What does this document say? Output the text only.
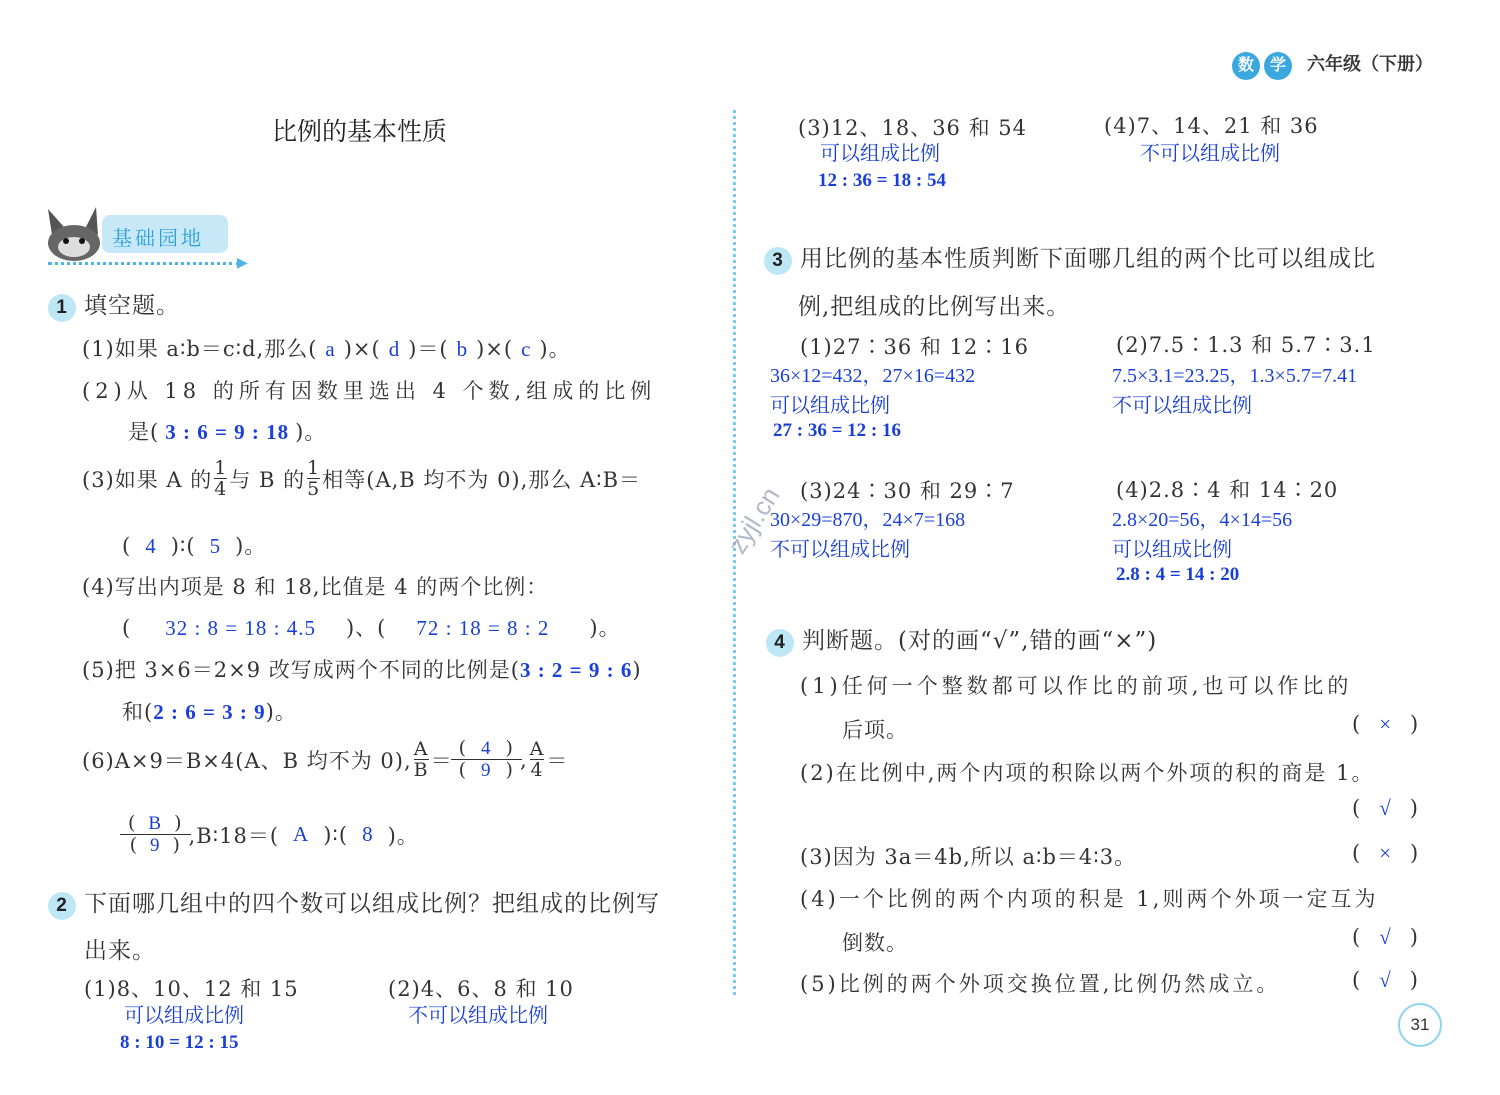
数 学 六年级（下册）
比例的基本性质
基础园地
▶
1 填空题。
(1)如果 a∶b＝c∶d,那么( a )×( d )＝( b )×( c )。
(2)从 18 的所有因数里选出 4 个数,组成的比例
是( 3 : 6 = 9 : 18 )。
(3)如果 A 的 $\frac{1}{4}$ 与 B 的 $\frac{1}{5}$ 相等(A,B 均不为 0),那么 A∶B＝
( 4 )∶( 5 )。
(4)写出内项是 8 和 18,比值是 4 的两个比例：
( 32 : 8 = 18 : 4.5 )、( 72 : 18 = 8 : 2 )。
(5)把 3×6＝2×9 改写成两个不同的比例是(3 : 2 = 9 : 6)
和(2 : 6 = 3 : 9)。
(6)A×9＝B×4(A、B 均不为 0), $\frac{A}{B} = \frac{( 4 )}{( 9 )}$ , $\frac{A}{4}$ ＝
$\frac{( B )}{( 9 )}$ ,B∶18＝( A )∶( 8 )。
2 下面哪几组中的四个数可以组成比例？把组成的比例写
出来。
(1)8、10、12 和 15
可以组成比例
8 : 10 = 12 : 15
(2)4、6、8 和 10
不可以组成比例
(3)12、18、36 和 54
可以组成比例
12 : 36 = 18 : 54
(4)7、14、21 和 36
不可以组成比例
3 用比例的基本性质判断下面哪几组的两个比可以组成比
例,把组成的比例写出来。
(1)27∶36 和 12∶16
36×12=432，27×16=432
可以组成比例
27 : 36 = 12 : 16
(2)7.5∶1.3 和 5.7∶3.1
7.5×3.1=23.25，1.3×5.7=7.41
不可以组成比例
(3)24∶30 和 29∶7
30×29=870，24×7=168
不可以组成比例
(4)2.8∶4 和 14∶20
2.8×20=56，4×14=56
可以组成比例
2.8 : 4 = 14 : 20
4 判断题。(对的画“√”,错的画“×”)
(1)任何一个整数都可以作比的前项,也可以作比的
后项。	( × )
(2)在比例中,两个内项的积除以两个外项的积的商是 1。
( √ )
(3)因为 3a＝4b,所以 a∶b＝4∶3。	( × )
(4)一个比例的两个内项的积是 1,则两个外项一定互为
倒数。	( √ )
(5)比例的两个外项交换位置,比例仍然成立。	( √ )
zyjl.cn
31
